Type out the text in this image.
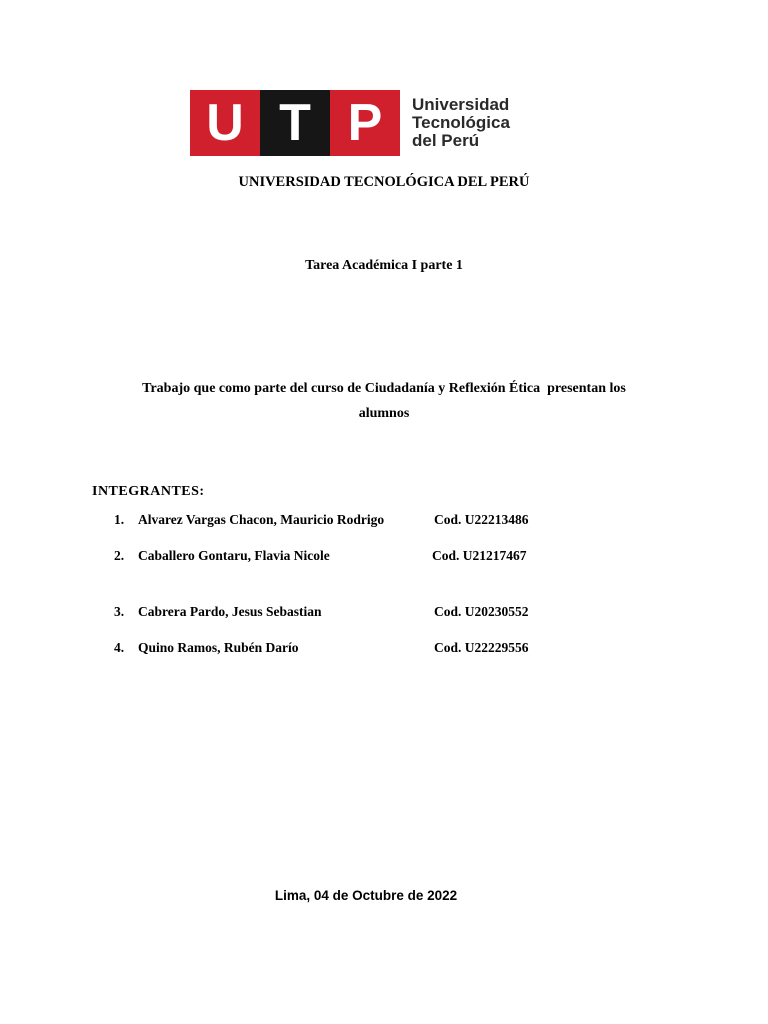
U T P	Universidad
Tecnológica
del Perú
UNIVERSIDAD TECNOLÓGICA DEL PERÚ
Tarea Académica I parte 1
Trabajo que como parte del curso de Ciudadanía y Reflexión Ética  presentan los
alumnos
INTEGRANTES:
1. Alvarez Vargas Chacon, Mauricio Rodrigo	Cod. U22213486
2. Caballero Gontaru, Flavia Nicole	Cod. U21217467
3. Cabrera Pardo, Jesus Sebastian	Cod. U20230552
4. Quino Ramos, Rubén Darío	Cod. U22229556
Lima, 04 de Octubre de 2022
